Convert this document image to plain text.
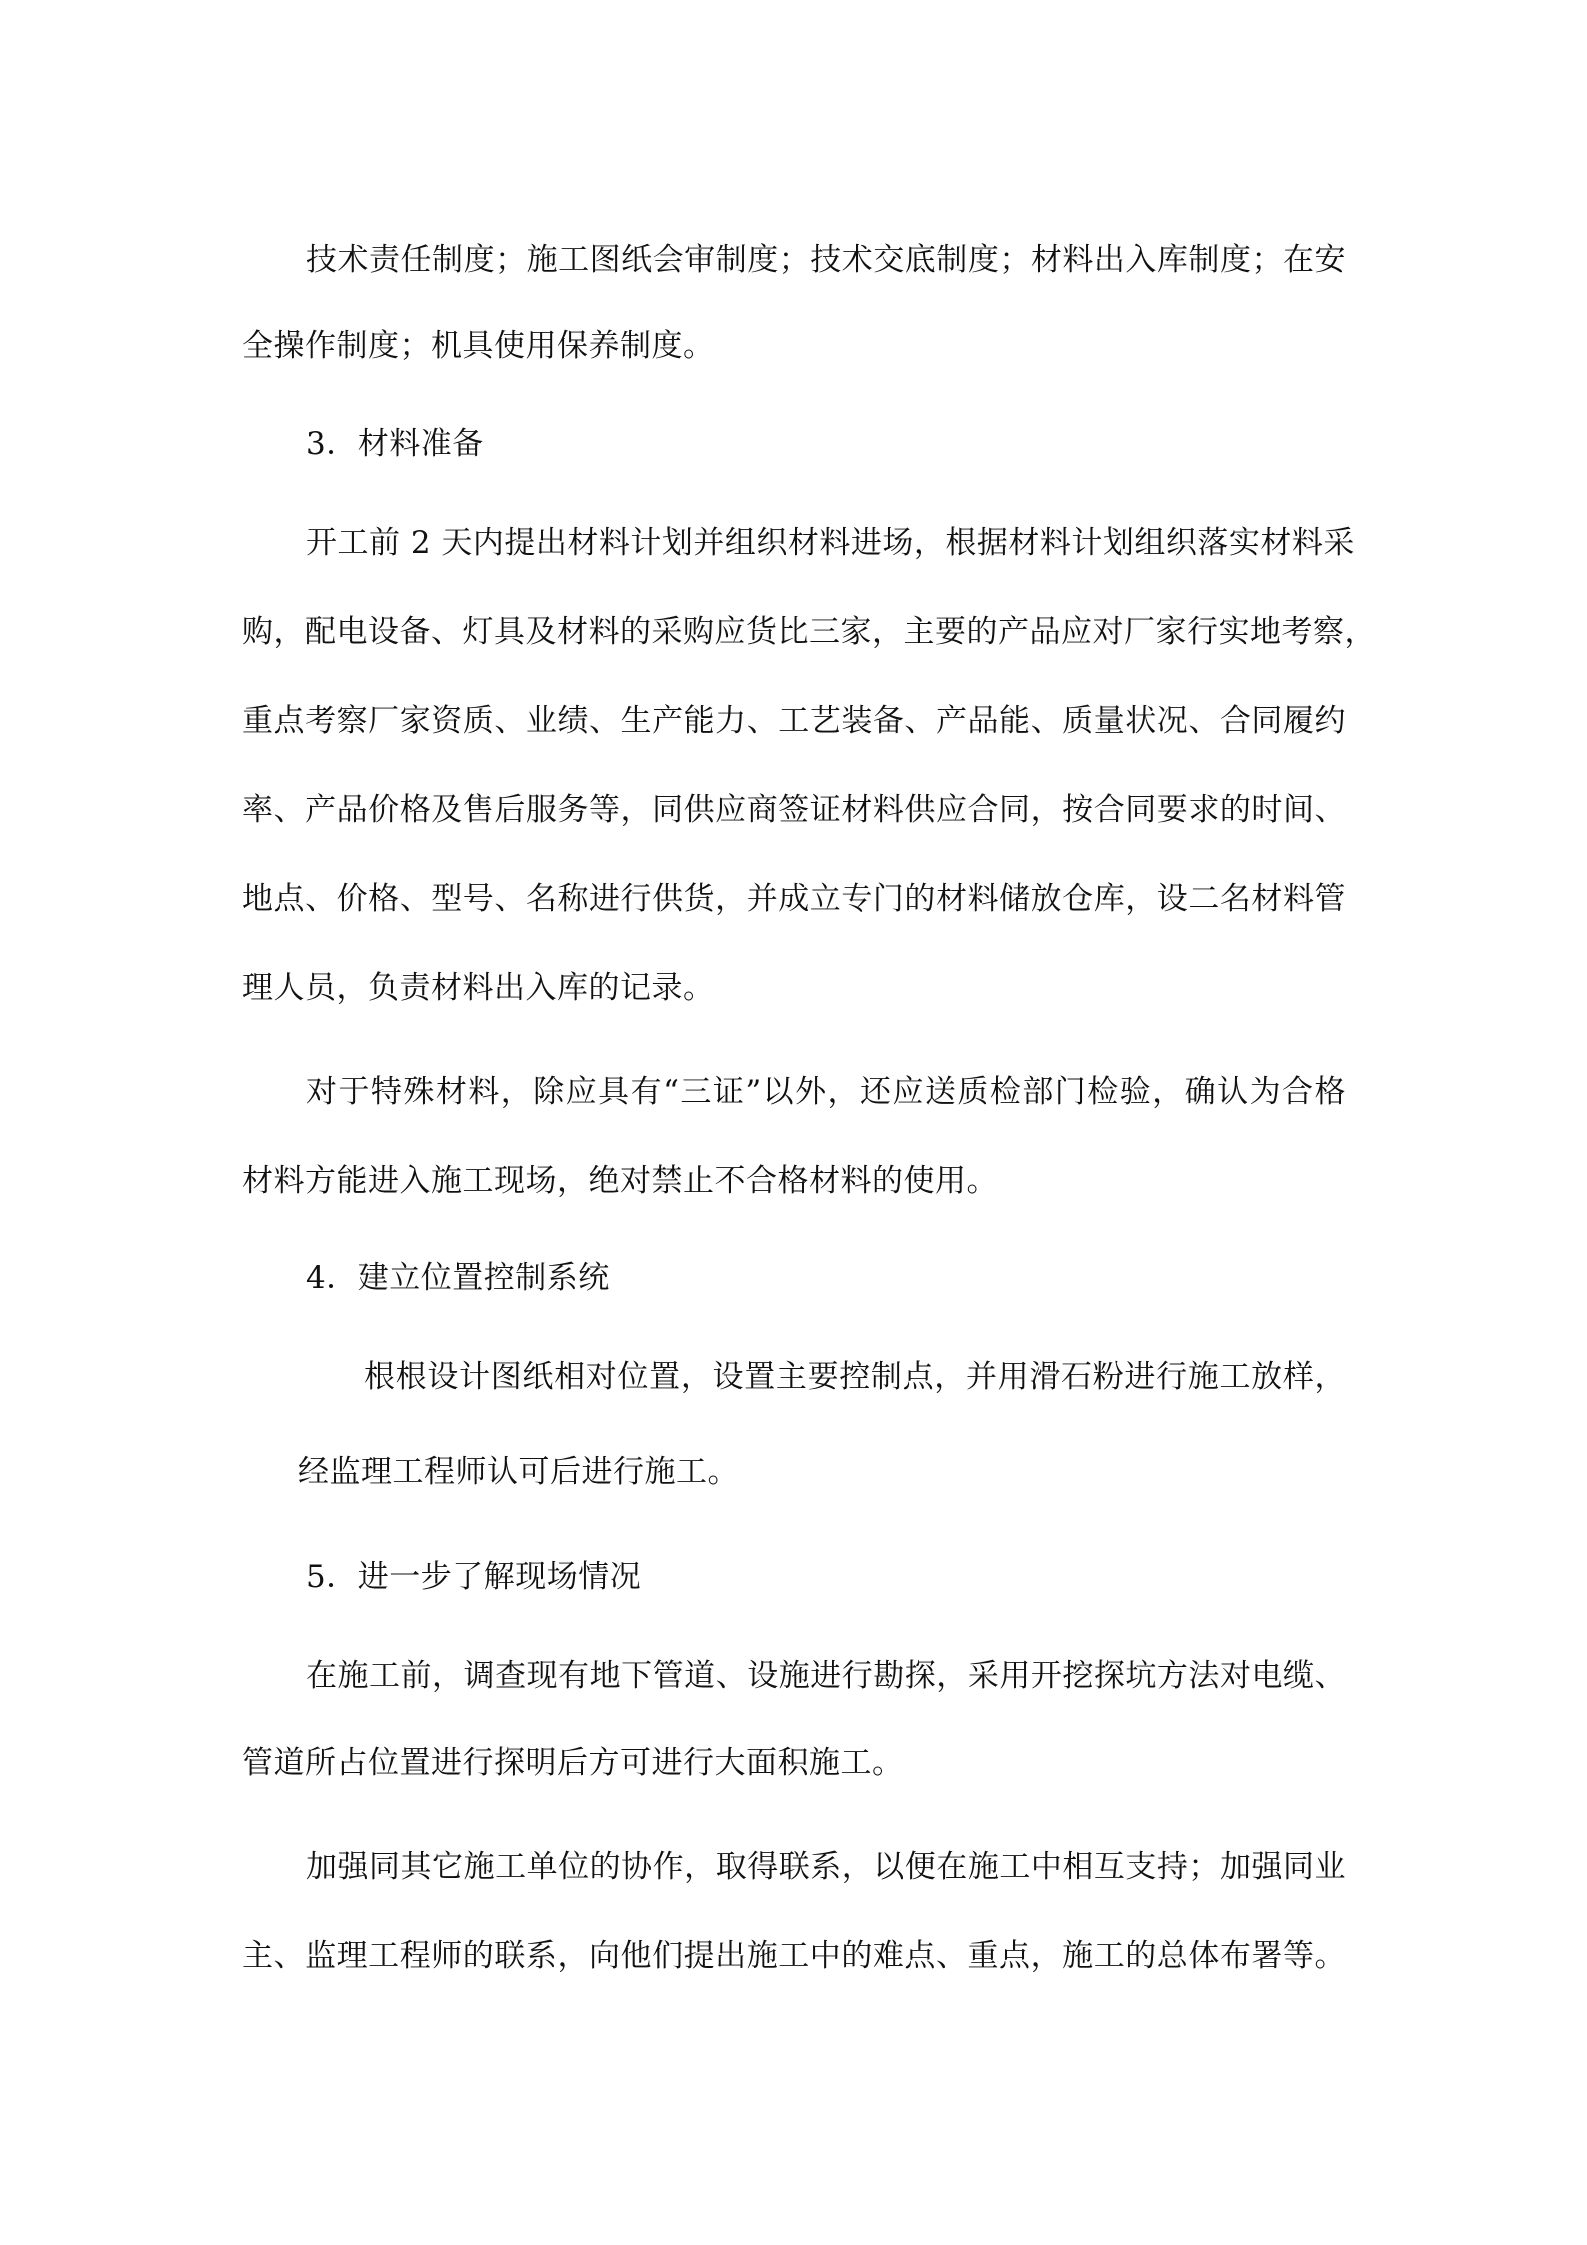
技术责任制度；施工图纸会审制度；技术交底制度；材料出入库制度；在安

全操作制度；机具使用保养制度。

3．材料准备

开工前 2 天内提出材料计划并组织材料进场，根据材料计划组织落实材料采

购，配电设备、灯具及材料的采购应货比三家，主要的产品应对厂家行实地考察，

重点考察厂家资质、业绩、生产能力、工艺装备、产品能、质量状况、合同履约

率、产品价格及售后服务等，同供应商签证材料供应合同，按合同要求的时间、

地点、价格、型号、名称进行供货，并成立专门的材料储放仓库，设二名材料管

理人员，负责材料出入库的记录。

对于特殊材料，除应具有“三证”以外，还应送质检部门检验，确认为合格

材料方能进入施工现场，绝对禁止不合格材料的使用。

4．建立位置控制系统

根根设计图纸相对位置，设置主要控制点，并用滑石粉进行施工放样，

经监理工程师认可后进行施工。

5．进一步了解现场情况

在施工前，调查现有地下管道、设施进行勘探，采用开挖探坑方法对电缆、

管道所占位置进行探明后方可进行大面积施工。

加强同其它施工单位的协作，取得联系，以便在施工中相互支持；加强同业

主、监理工程师的联系，向他们提出施工中的难点、重点，施工的总体布署等。
